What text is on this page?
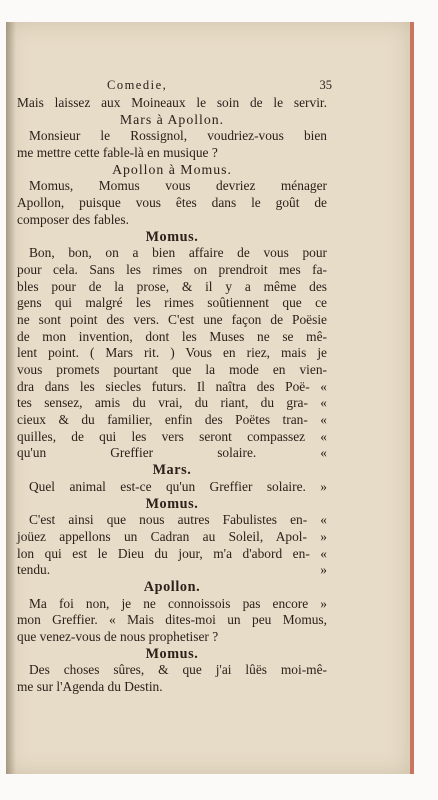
Comedie,	35
Mais laissez aux Moineaux le soin de le servir.
Mars à Apollon.
Monsieur le Rossignol, voudriez-vous bien
me mettre cette fable-là en musique ?
Apollon à Momus.
Momus, Momus vous devriez ménager
Apollon, puisque vous êtes dans le goût de
composer des fables.
Momus.
Bon, bon, on a bien affaire de vous pour
pour cela. Sans les rimes on prendroit mes fa-
bles pour de la prose, & il y a même des
gens qui malgré les rimes soûtiennent que ce
ne sont point des vers. C'est une façon de Poësie
de mon invention, dont les Muses ne se mê-
lent point. ( Mars rit. ) Vous en riez, mais je
vous promets pourtant que la mode en vien-
dra dans les siecles futurs. Il naîtra des Poë- «
tes sensez, amis du vrai, du riant, du gra- «
cieux & du familier, enfin des Poëtes tran- «
quilles, de qui les vers seront compassez «
qu'un Greffier solaire. «
Mars.
Quel animal est-ce qu'un Greffier solaire. »
Momus.
C'est ainsi que nous autres Fabulistes en- «
joüez appellons un Cadran au Soleil, Apol- »
lon qui est le Dieu du jour, m'a d'abord en- «
tendu. »
Apollon.
Ma foi non, je ne connoissois pas encore »
mon Greffier. « Mais dites-moi un peu Momus,
que venez-vous de nous prophetiser ?
Momus.
Des choses sûres, & que j'ai lûës moi-mê-
me sur l'Agenda du Destin.
